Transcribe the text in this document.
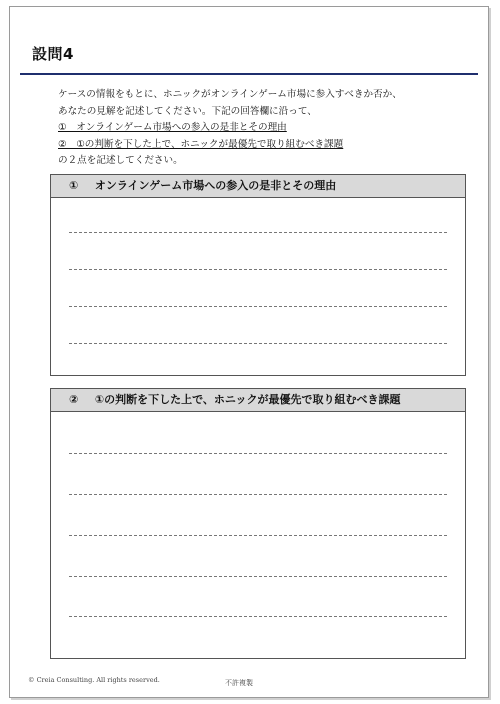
設問4
ケースの情報をもとに、ホニックがオンラインゲーム市場に参入すべきか否か、
あなたの見解を記述してください。下記の回答欄に沿って、
①　オンラインゲーム市場への参入の是非とその理由
②　①の判断を下した上で、ホニックが最優先で取り組むべき課題
の２点を記述してください。
① オンラインゲーム市場への参入の是非とその理由
② ①の判断を下した上で、ホニックが最優先で取り組むべき課題
© Creia Consulting. All rights reserved.	不許複製
